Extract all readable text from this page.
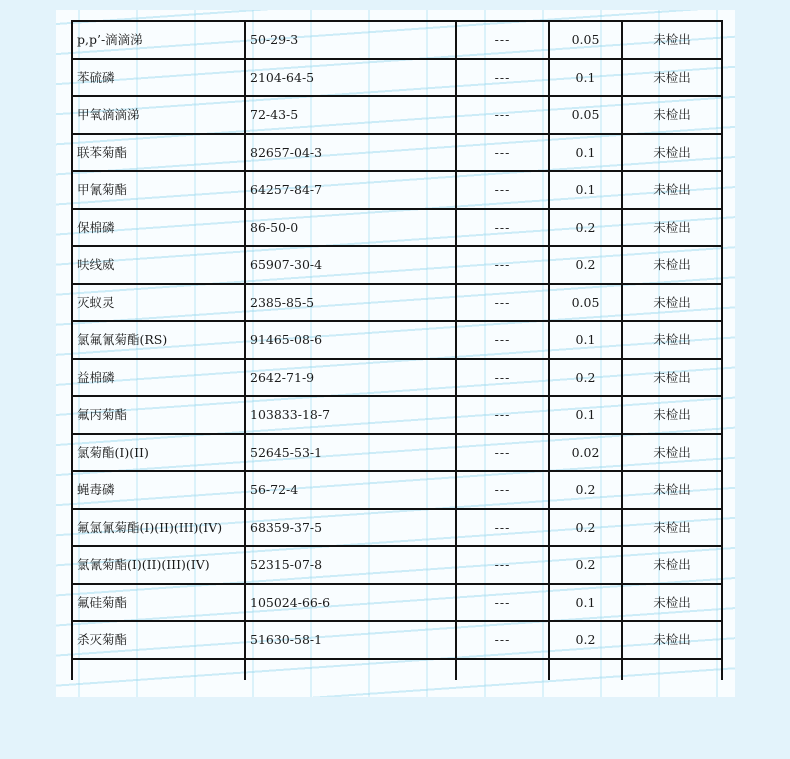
p,p’-滴滴涕	50-29-3	---	0.05	未检出
苯硫磷	2104-64-5	---	0.1	未检出
甲氧滴滴涕	72-43-5	---	0.05	未检出
联苯菊酯	82657-04-3	---	0.1	未检出
甲氰菊酯	64257-84-7	---	0.1	未检出
保棉磷	86-50-0	---	0.2	未检出
呋线威	65907-30-4	---	0.2	未检出
灭蚁灵	2385-85-5	---	0.05	未检出
氯氟氰菊酯(RS)	91465-08-6	---	0.1	未检出
益棉磷	2642-71-9	---	0.2	未检出
氟丙菊酯	103833-18-7	---	0.1	未检出
氯菊酯(I)(II)	52645-53-1	---	0.02	未检出
蝇毒磷	56-72-4	---	0.2	未检出
氟氯氰菊酯(I)(II)(III)(IV)	68359-37-5	---	0.2	未检出
氯氰菊酯(I)(II)(III)(IV)	52315-07-8	---	0.2	未检出
氟硅菊酯	105024-66-6	---	0.1	未检出
杀灭菊酯	51630-58-1	---	0.2	未检出
